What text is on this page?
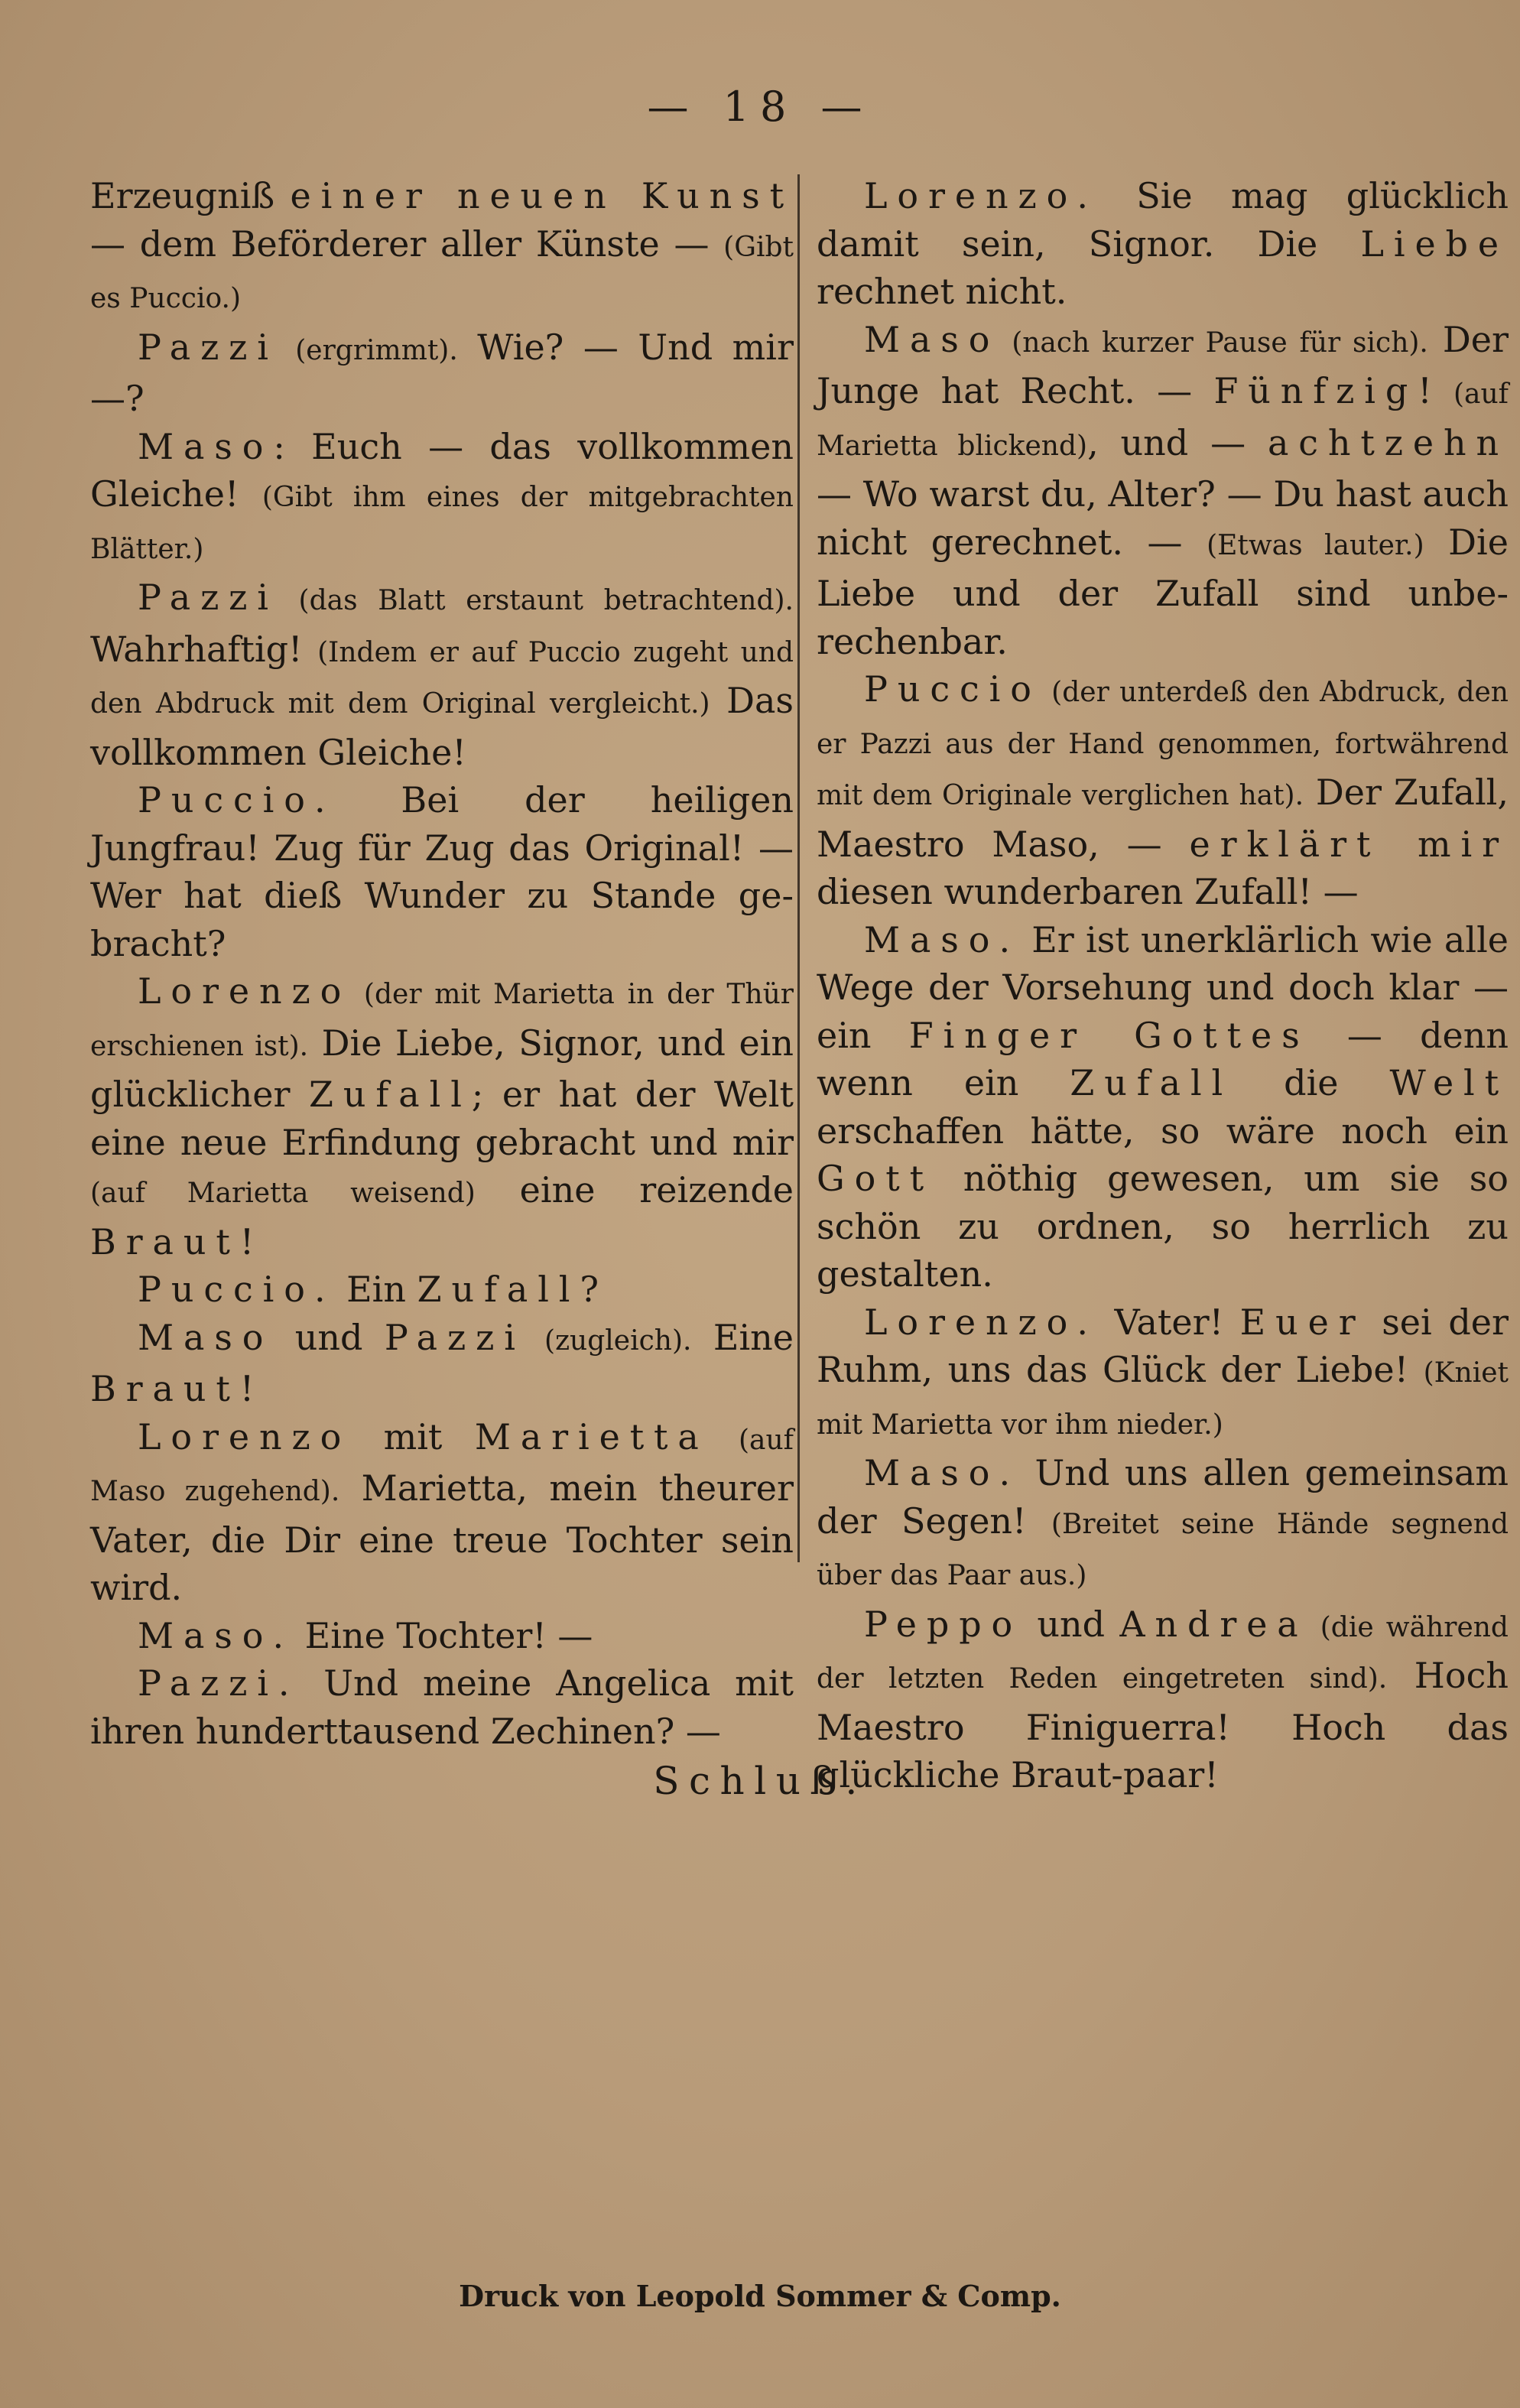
— 18 —

Erzeugniß einer neuen Kunst — dem Beförderer aller Künste — (Gibt es Puccio.)

Pazzi (ergrimmt). Wie? — Und mir —?

Maso: Euch — das vollkommen Gleiche! (Gibt ihm eines der mitgebrachten Blätter.)

Pazzi (das Blatt erstaunt betrachtend). Wahrhaftig! (Indem er auf Puccio zugeht und den Abdruck mit dem Original vergleicht.) Das vollkommen Gleiche!

Puccio. Bei der heiligen Jungfrau! Zug für Zug das Original! — Wer hat dieß Wunder zu Stande ge-bracht?

Lorenzo (der mit Marietta in der Thür erschienen ist). Die Liebe, Signor, und ein glücklicher Zufall; er hat der Welt eine neue Erfindung gebracht und mir (auf Marietta weisend) eine reizende Braut!

Puccio. Ein Zufall?

Maso und Pazzi (zugleich). Eine Braut!

Lorenzo mit Marietta (auf Maso zugehend). Marietta, mein theurer Vater, die Dir eine treue Tochter sein wird.

Maso. Eine Tochter! —

Pazzi. Und meine Angelica mit ihren hunderttausend Zechinen? —

Lorenzo. Sie mag glücklich damit sein, Signor. Die Liebe rechnet nicht.

Maso (nach kurzer Pause für sich). Der Junge hat Recht. — Fünfzig! (auf Marietta blickend), und — achtzehn — Wo warst du, Alter? — Du hast auch nicht gerechnet. — (Etwas lauter.) Die Liebe und der Zufall sind unbe-rechenbar.

Puccio (der unterdeß den Abdruck, den er Pazzi aus der Hand genommen, fortwährend mit dem Originale verglichen hat). Der Zufall, Maestro Maso, — erklärt mir diesen wunderbaren Zufall! —

Maso. Er ist unerklärlich wie alle Wege der Vorsehung und doch klar — ein Finger Gottes — denn wenn ein Zufall die Welt erschaffen hätte, so wäre noch ein Gott nöthig gewesen, um sie so schön zu ordnen, so herrlich zu gestalten.

Lorenzo. Vater! Euer sei der Ruhm, uns das Glück der Liebe! (Kniet mit Marietta vor ihm nieder.)

Maso. Und uns allen gemeinsam der Segen! (Breitet seine Hände segnend über das Paar aus.)

Peppo und Andrea (die während der letzten Reden eingetreten sind). Hoch Maestro Finiguerra! Hoch das glückliche Braut-paar!

Schluß.
Druck von Leopold Sommer & Comp.
